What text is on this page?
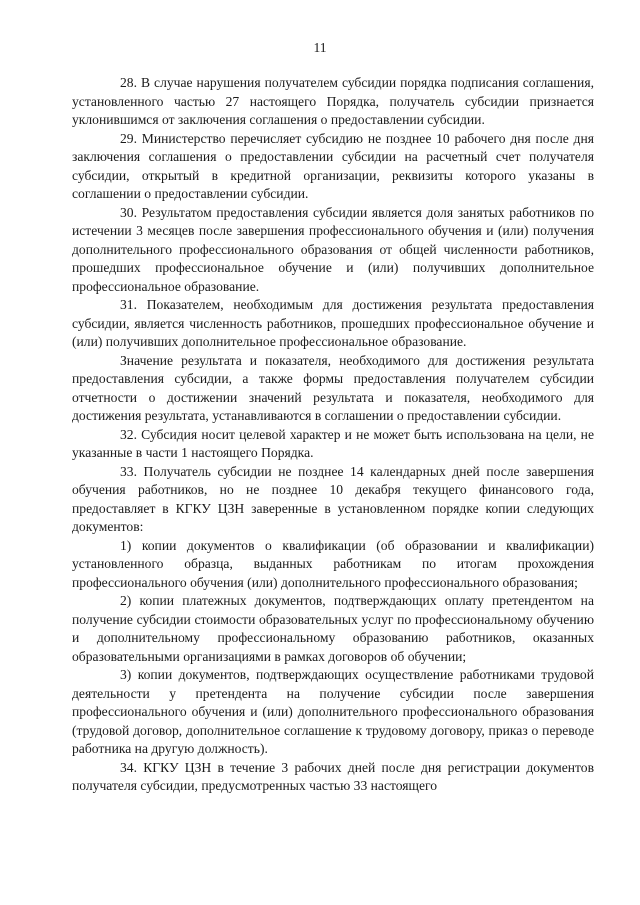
11

28. В случае нарушения получателем субсидии порядка подписания соглашения, установленного частью 27 настоящего Порядка, получатель субсидии признается уклонившимся от заключения соглашения о предоставлении субсидии.

29. Министерство перечисляет субсидию не позднее 10 рабочего дня после дня заключения соглашения о предоставлении субсидии на расчетный счет получателя субсидии, открытый в кредитной организации, реквизиты которого указаны в соглашении о предоставлении субсидии.

30. Результатом предоставления субсидии является доля занятых работников по истечении 3 месяцев после завершения профессионального обучения и (или) получения дополнительного профессионального образования от общей численности работников, прошедших профессиональное обучение и (или) получивших дополнительное профессиональное образование.

31. Показателем, необходимым для достижения результата предоставления субсидии, является численность работников, прошедших профессиональное обучение и (или) получивших дополнительное профессиональное образование.

Значение результата и показателя, необходимого для достижения результата предоставления субсидии, а также формы предоставления получателем субсидии отчетности о достижении значений результата и показателя, необходимого для достижения результата, устанавливаются в соглашении о предоставлении субсидии.

32. Субсидия носит целевой характер и не может быть использована на цели, не указанные в части 1 настоящего Порядка.

33. Получатель субсидии не позднее 14 календарных дней после завершения обучения работников, но не позднее 10 декабря текущего финансового года, предоставляет в КГКУ ЦЗН заверенные в установленном порядке копии следующих документов:

1) копии документов о квалификации (об образовании и квалификации) установленного образца, выданных работникам по итогам прохождения профессионального обучения (или) дополнительного профессионального образования;

2) копии платежных документов, подтверждающих оплату претендентом на получение субсидии стоимости образовательных услуг по профессиональному обучению и дополнительному профессиональному образованию работников, оказанных образовательными организациями в рамках договоров об обучении;

3) копии документов, подтверждающих осуществление работниками трудовой деятельности у претендента на получение субсидии после завершения профессионального обучения и (или) дополнительного профессионального образования (трудовой договор, дополнительное соглашение к трудовому договору, приказ о переводе работника на другую должность).

34. КГКУ ЦЗН в течение 3 рабочих дней после дня регистрации документов получателя субсидии, предусмотренных частью 33 настоящего
